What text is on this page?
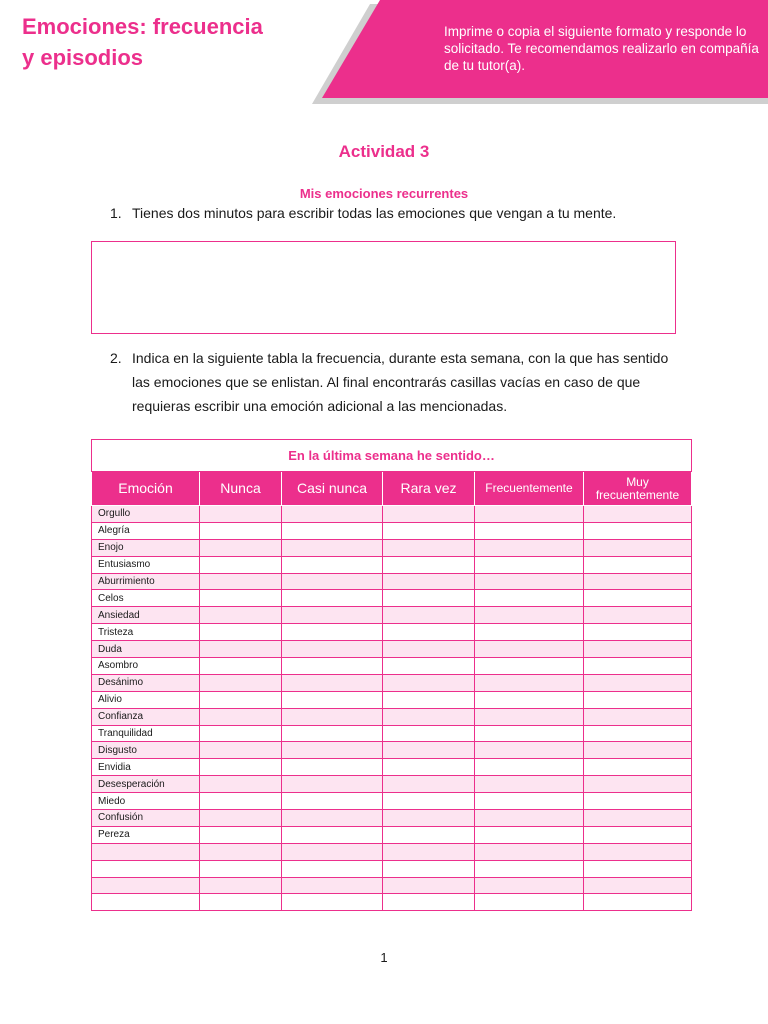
Emociones: frecuencia
y episodios

Imprime o copia el siguiente formato y responde lo solicitado. Te recomendamos realizarlo en compañía de tu tutor(a).

Actividad 3
Mis emociones recurrentes
1. Tienes dos minutos para escribir todas las emociones que vengan a tu mente.
2. Indica en la siguiente tabla la frecuencia, durante esta semana, con la que has sentido las emociones que se enlistan. Al final encontrarás casillas vacías en caso de que requieras escribir una emoción adicional a las mencionadas.
En la última semana he sentido…					
Emoción	Nunca	Casi nunca	Rara vez	Frecuentemente	Muy frecuentemente
Orgullo					
Alegría					
Enojo					
Entusiasmo					
Aburrimiento					
Celos					
Ansiedad					
Tristeza					
Duda					
Asombro					
Desánimo					
Alivio					
Confianza					
Tranquilidad					
Disgusto					
Envidia					
Desesperación					
Miedo					
Confusión					
Pereza					

1
